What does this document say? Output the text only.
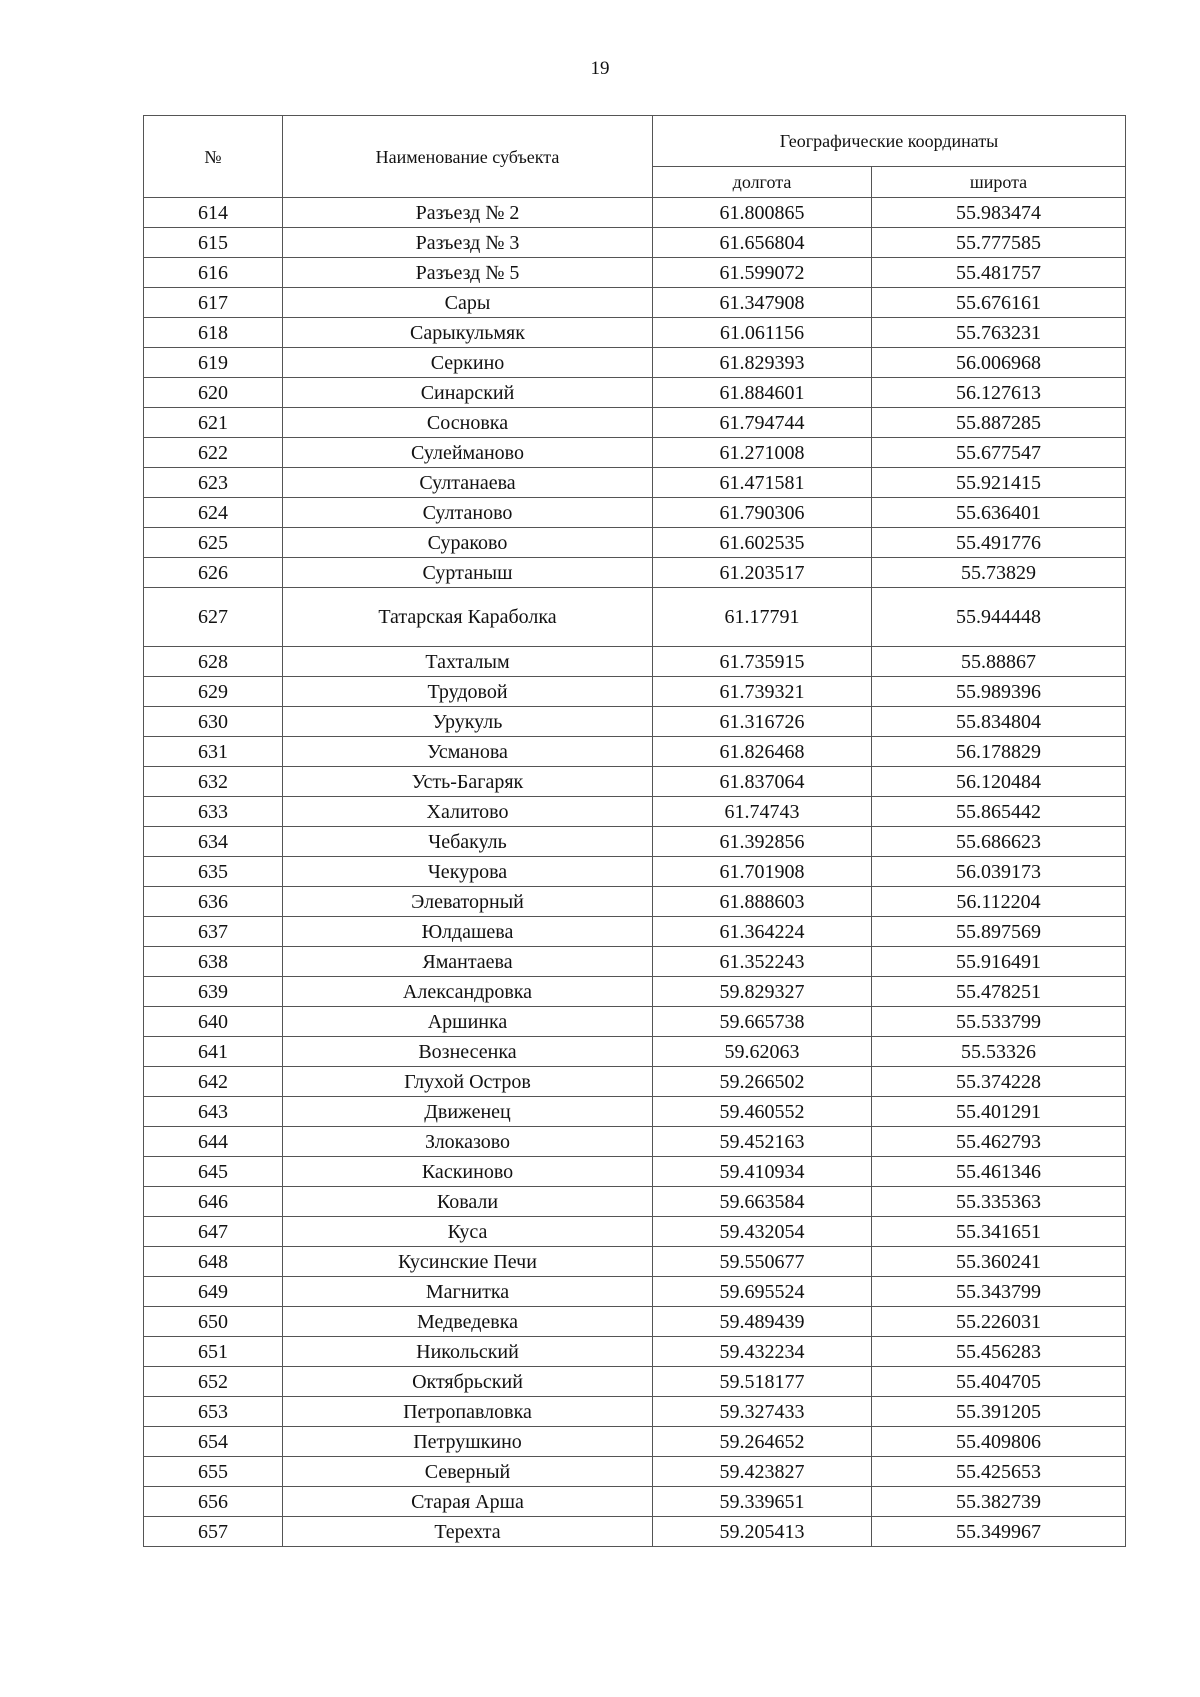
19
№	Наименование субъекта	Географические координаты	
		долгота	широта
614	Разъезд № 2	61.800865	55.983474
615	Разъезд № 3	61.656804	55.777585
616	Разъезд № 5	61.599072	55.481757
617	Сары	61.347908	55.676161
618	Сарыкульмяк	61.061156	55.763231
619	Серкино	61.829393	56.006968
620	Синарский	61.884601	56.127613
621	Сосновка	61.794744	55.887285
622	Сулейманово	61.271008	55.677547
623	Султанаева	61.471581	55.921415
624	Султаново	61.790306	55.636401
625	Сураково	61.602535	55.491776
626	Суртаныш	61.203517	55.73829
627	Татарская Караболка	61.17791	55.944448
628	Тахталым	61.735915	55.88867
629	Трудовой	61.739321	55.989396
630	Урукуль	61.316726	55.834804
631	Усманова	61.826468	56.178829
632	Усть-Багаряк	61.837064	56.120484
633	Халитово	61.74743	55.865442
634	Чебакуль	61.392856	55.686623
635	Чекурова	61.701908	56.039173
636	Элеваторный	61.888603	56.112204
637	Юлдашева	61.364224	55.897569
638	Ямантаева	61.352243	55.916491
639	Александровка	59.829327	55.478251
640	Аршинка	59.665738	55.533799
641	Вознесенка	59.62063	55.53326
642	Глухой Остров	59.266502	55.374228
643	Движенец	59.460552	55.401291
644	Злоказово	59.452163	55.462793
645	Каскиново	59.410934	55.461346
646	Ковали	59.663584	55.335363
647	Куса	59.432054	55.341651
648	Кусинские Печи	59.550677	55.360241
649	Магнитка	59.695524	55.343799
650	Медведевка	59.489439	55.226031
651	Никольский	59.432234	55.456283
652	Октябрьский	59.518177	55.404705
653	Петропавловка	59.327433	55.391205
654	Петрушкино	59.264652	55.409806
655	Северный	59.423827	55.425653
656	Старая Арша	59.339651	55.382739
657	Терехта	59.205413	55.349967
